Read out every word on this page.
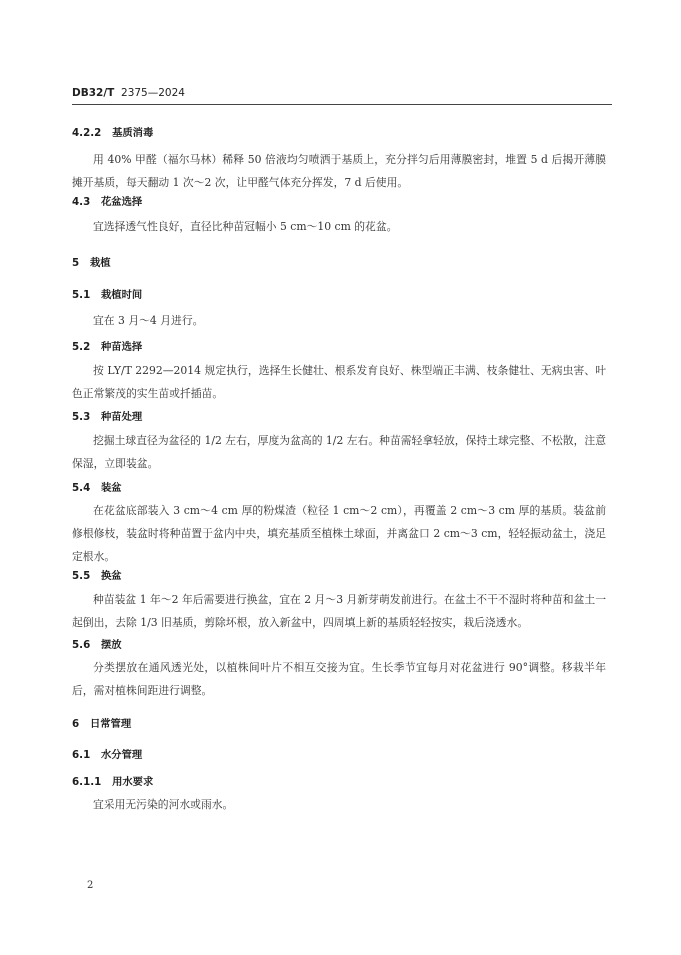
DB32/T 2375—2024
4.2.2 基质消毒
用 40% 甲醛（福尔马林）稀释 50 倍液均匀喷洒于基质上，充分拌匀后用薄膜密封，堆置 5 d 后揭开薄膜摊开基质，每天翻动 1 次～2 次，让甲醛气体充分挥发，7 d 后使用。
4.3 花盆选择
宜选择透气性良好，直径比种苗冠幅小 5 cm～10 cm 的花盆。
5 栽植
5.1 栽植时间
宜在 3 月～4 月进行。
5.2 种苗选择
按 LY/T 2292—2014 规定执行，选择生长健壮、根系发育良好、株型端正丰满、枝条健壮、无病虫害、叶色正常繁茂的实生苗或扦插苗。
5.3 种苗处理
挖掘土球直径为盆径的 1/2 左右，厚度为盆高的 1/2 左右。种苗需轻拿轻放，保持土球完整、不松散，注意保湿，立即装盆。
5.4 装盆
在花盆底部装入 3 cm～4 cm 厚的粉煤渣（粒径 1 cm～2 cm），再覆盖 2 cm～3 cm 厚的基质。装盆前修根修枝，装盆时将种苗置于盆内中央，填充基质至植株土球面，并离盆口 2 cm～3 cm，轻轻振动盆土，浇足定根水。
5.5 换盆
种苗装盆 1 年～2 年后需要进行换盆，宜在 2 月～3 月新芽萌发前进行。在盆土不干不湿时将种苗和盆土一起倒出，去除 1/3 旧基质，剪除坏根，放入新盆中，四周填上新的基质轻轻按实，栽后浇透水。
5.6 摆放
分类摆放在通风透光处，以植株间叶片不相互交接为宜。生长季节宜每月对花盆进行 90°调整。移栽半年后，需对植株间距进行调整。
6 日常管理
6.1 水分管理
6.1.1 用水要求
宜采用无污染的河水或雨水。
2
